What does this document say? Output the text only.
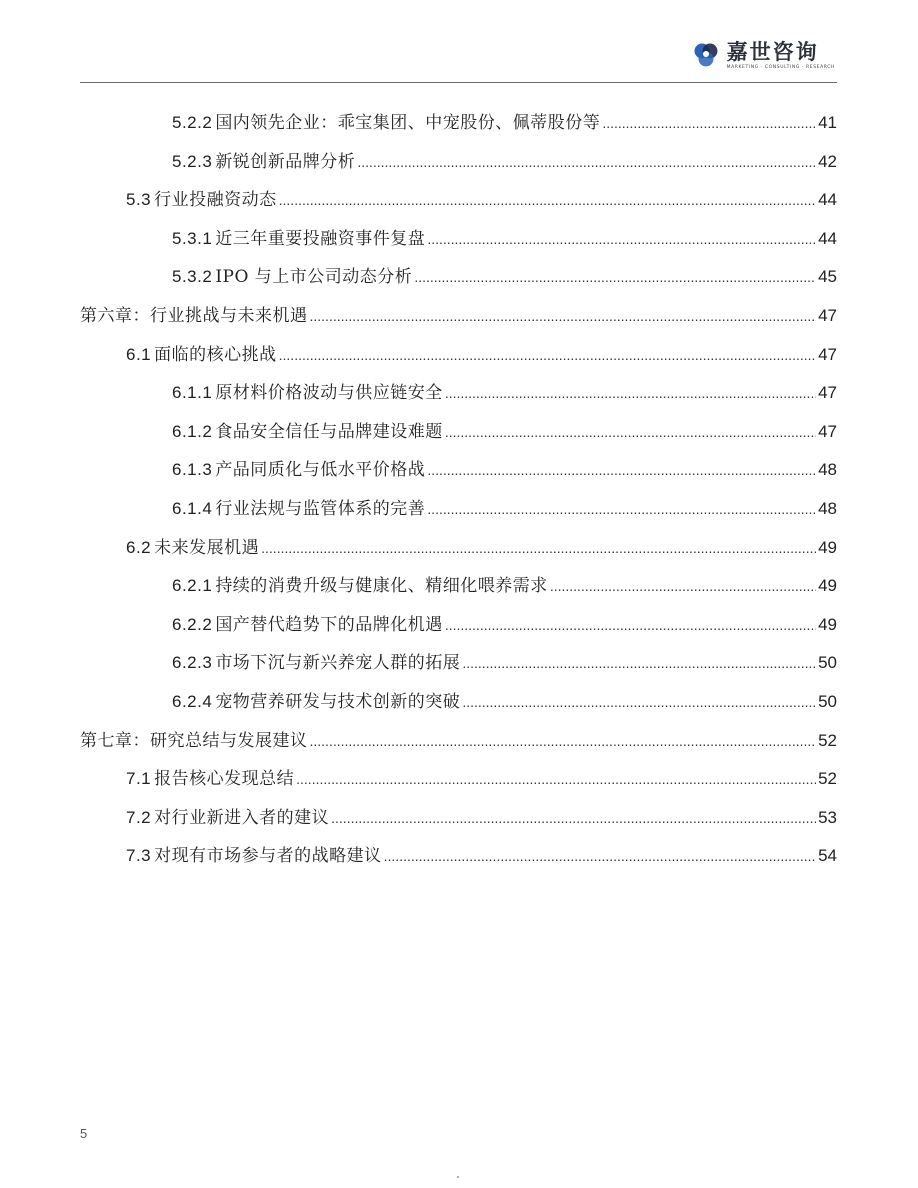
嘉世咨询
MARKETING · CONSULTING · RESEARCH
5.2.2 国内领先企业：乖宝集团、中宠股份、佩蒂股份等 .....	41
5.2.3 新锐创新品牌分析 .....	42
5.3 行业投融资动态 .....	44
5.3.1 近三年重要投融资事件复盘 .....	44
5.3.2 IPO 与上市公司动态分析 .....	45
第六章：行业挑战与未来机遇 .....	47
6.1 面临的核心挑战 .....	47
6.1.1 原材料价格波动与供应链安全 .....	47
6.1.2 食品安全信任与品牌建设难题 .....	47
6.1.3 产品同质化与低水平价格战 .....	48
6.1.4 行业法规与监管体系的完善 .....	48
6.2 未来发展机遇 .....	49
6.2.1 持续的消费升级与健康化、精细化喂养需求 .....	49
6.2.2 国产替代趋势下的品牌化机遇 .....	49
6.2.3 市场下沉与新兴养宠人群的拓展 .....	50
6.2.4 宠物营养研发与技术创新的突破 .....	50
第七章：研究总结与发展建议 .....	52
7.1 报告核心发现总结 .....	52
7.2 对行业新进入者的建议 .....	53
7.3 对现有市场参与者的战略建议 .....	54
5
